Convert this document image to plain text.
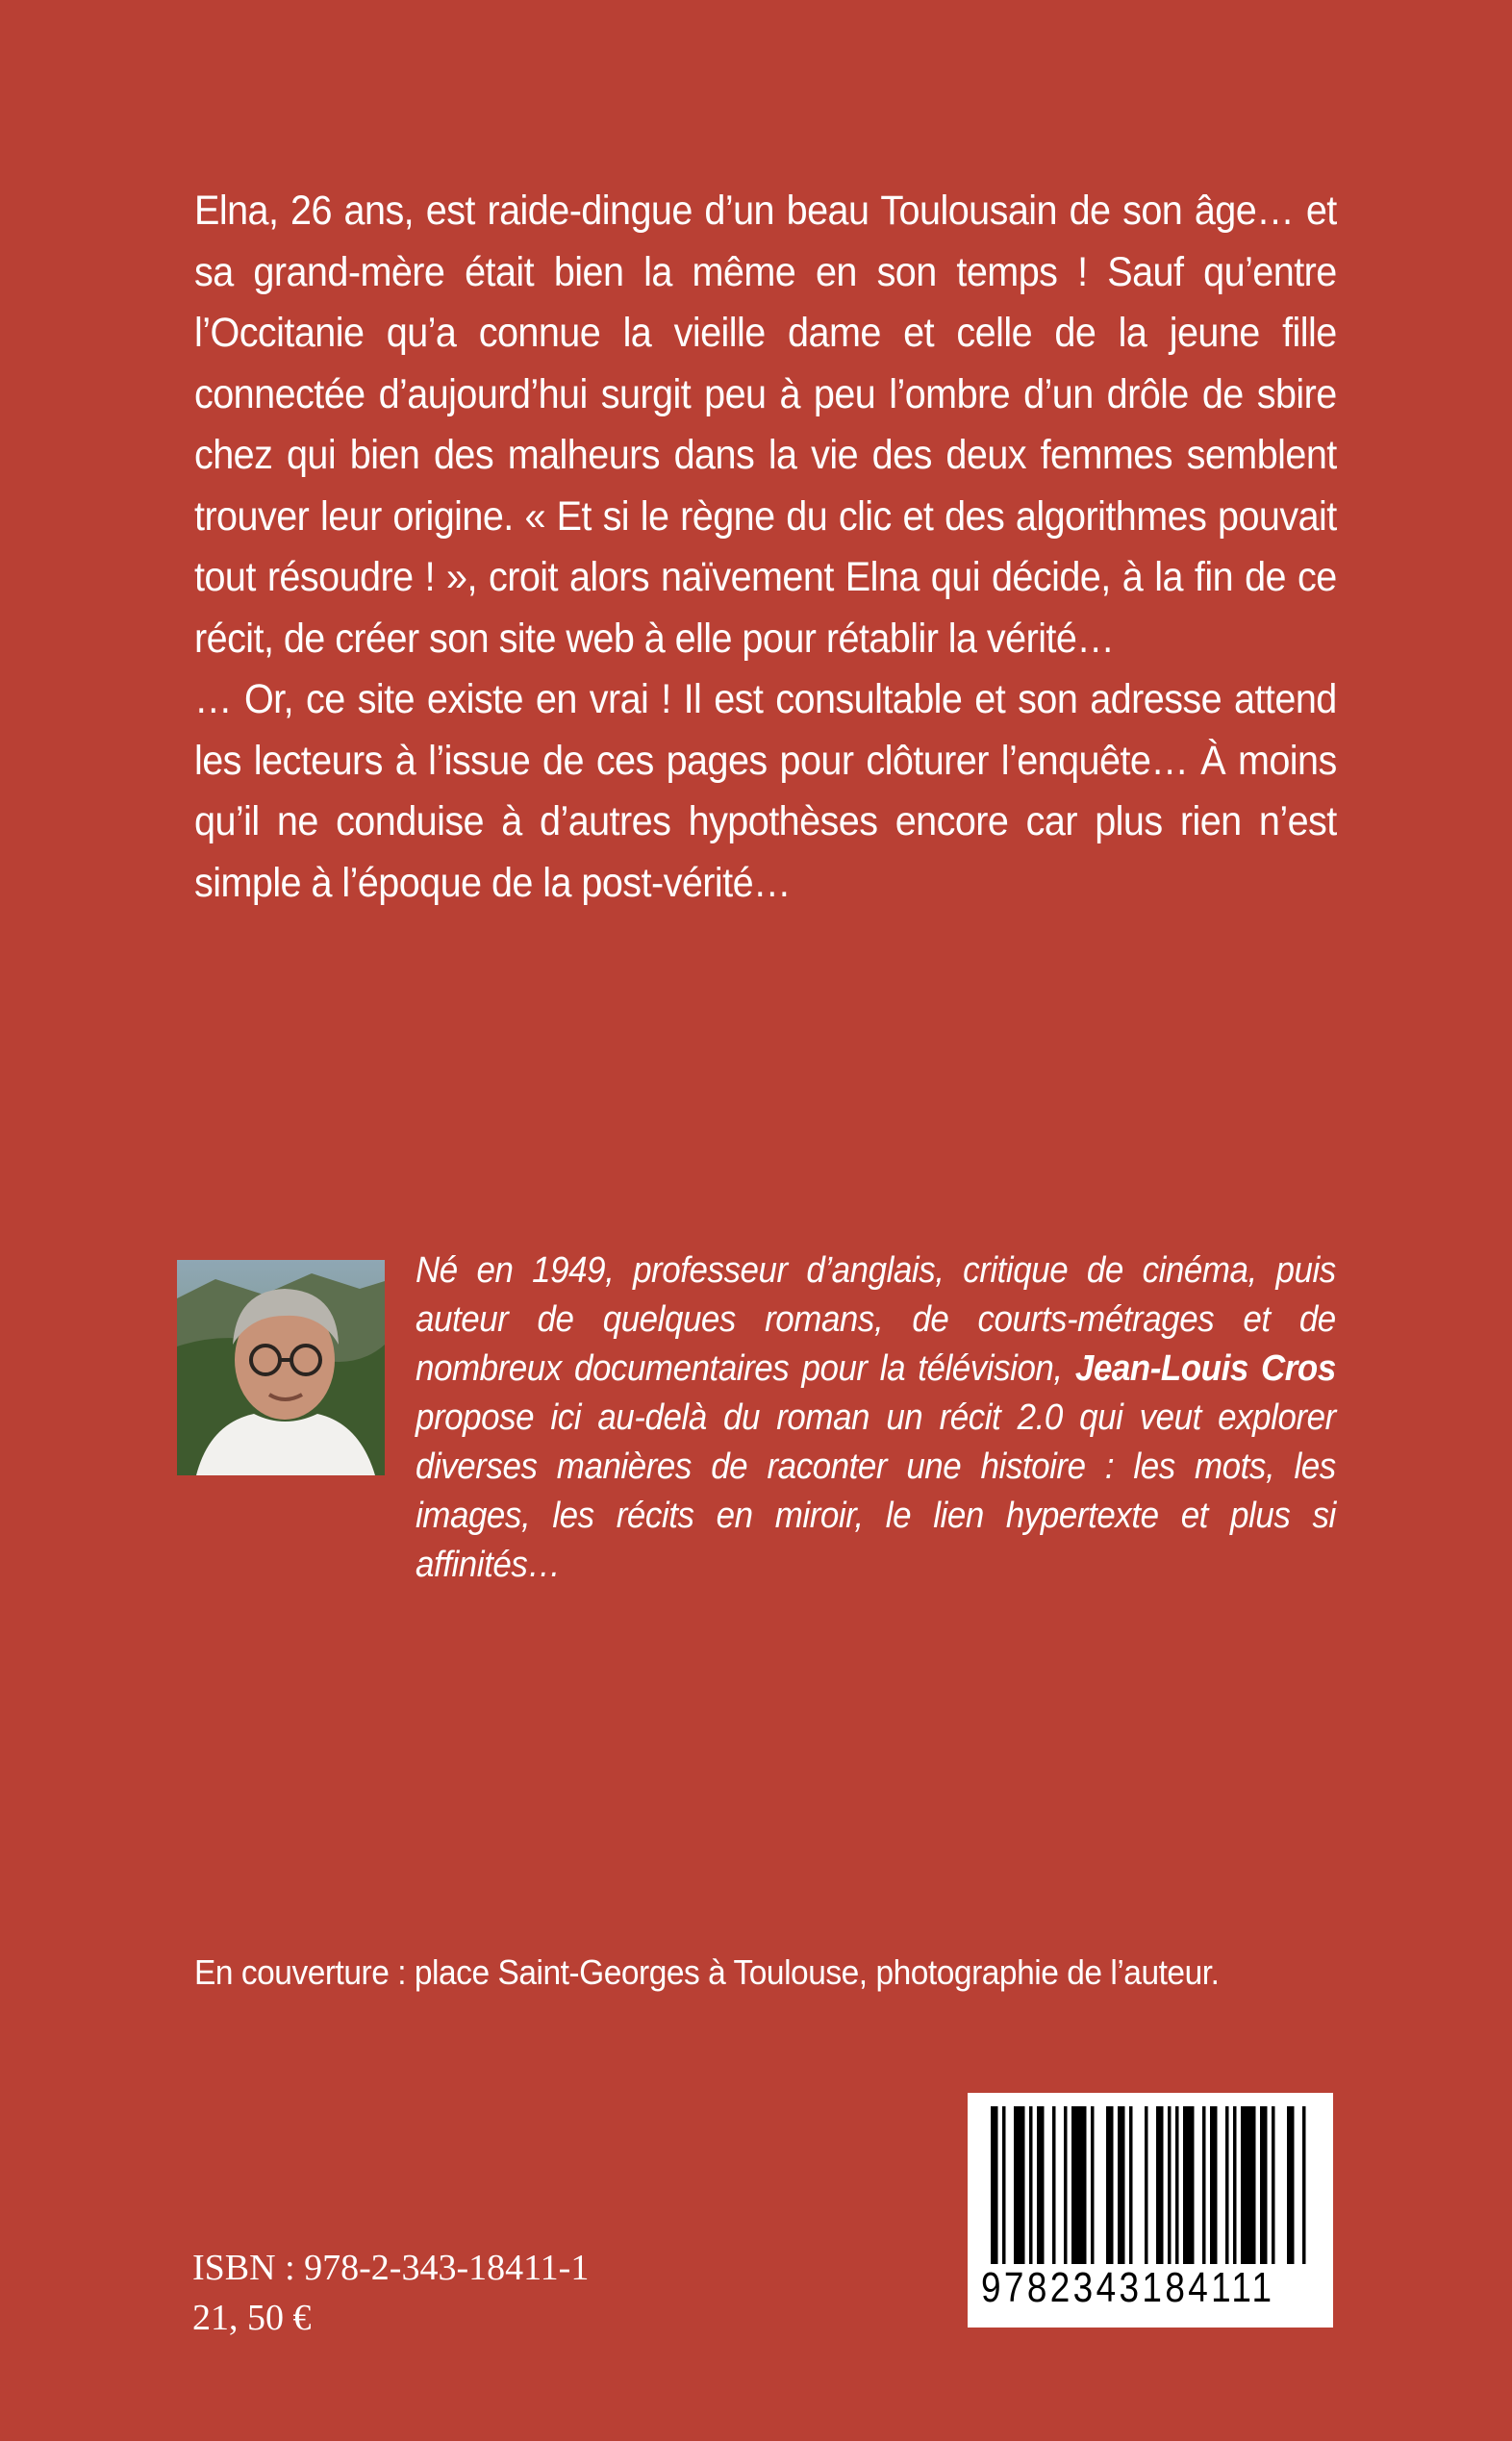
Elna, 26 ans, est raide-dingue d’un beau Toulousain de son âge… et sa grand-mère était bien la même en son temps ! Sauf qu’entre l’Occitanie qu’a connue la vieille dame et celle de la jeune fille connectée d’aujourd’hui surgit peu à peu l’ombre d’un drôle de sbire chez qui bien des malheurs dans la vie des deux femmes semblent trouver leur origine. « Et si le règne du clic et des algorithmes pouvait tout résoudre ! », croit alors naïvement Elna qui décide, à la fin de ce récit, de créer son site web à elle pour rétablir la vérité…

… Or, ce site existe en vrai ! Il est consultable et son adresse attend les lecteurs à l’issue de ces pages pour clôturer l’enquête… À moins qu’il ne conduise à d’autres hypothèses encore car plus rien n’est simple à l’époque de la post-vérité…

Né en 1949, professeur d’anglais, critique de cinéma, puis auteur de quelques romans, de courts-métrages et de nombreux documentaires pour la télévision, Jean-Louis Cros propose ici au-delà du roman un récit 2.0 qui veut explorer diverses manières de raconter une histoire : les mots, les images, les récits en miroir, le lien hypertexte et plus si affinités…
En couverture : place Saint-Georges à Toulouse, photographie de l’auteur.
ISBN : 978-2-343-18411-1
21, 50 €
9782343184111
